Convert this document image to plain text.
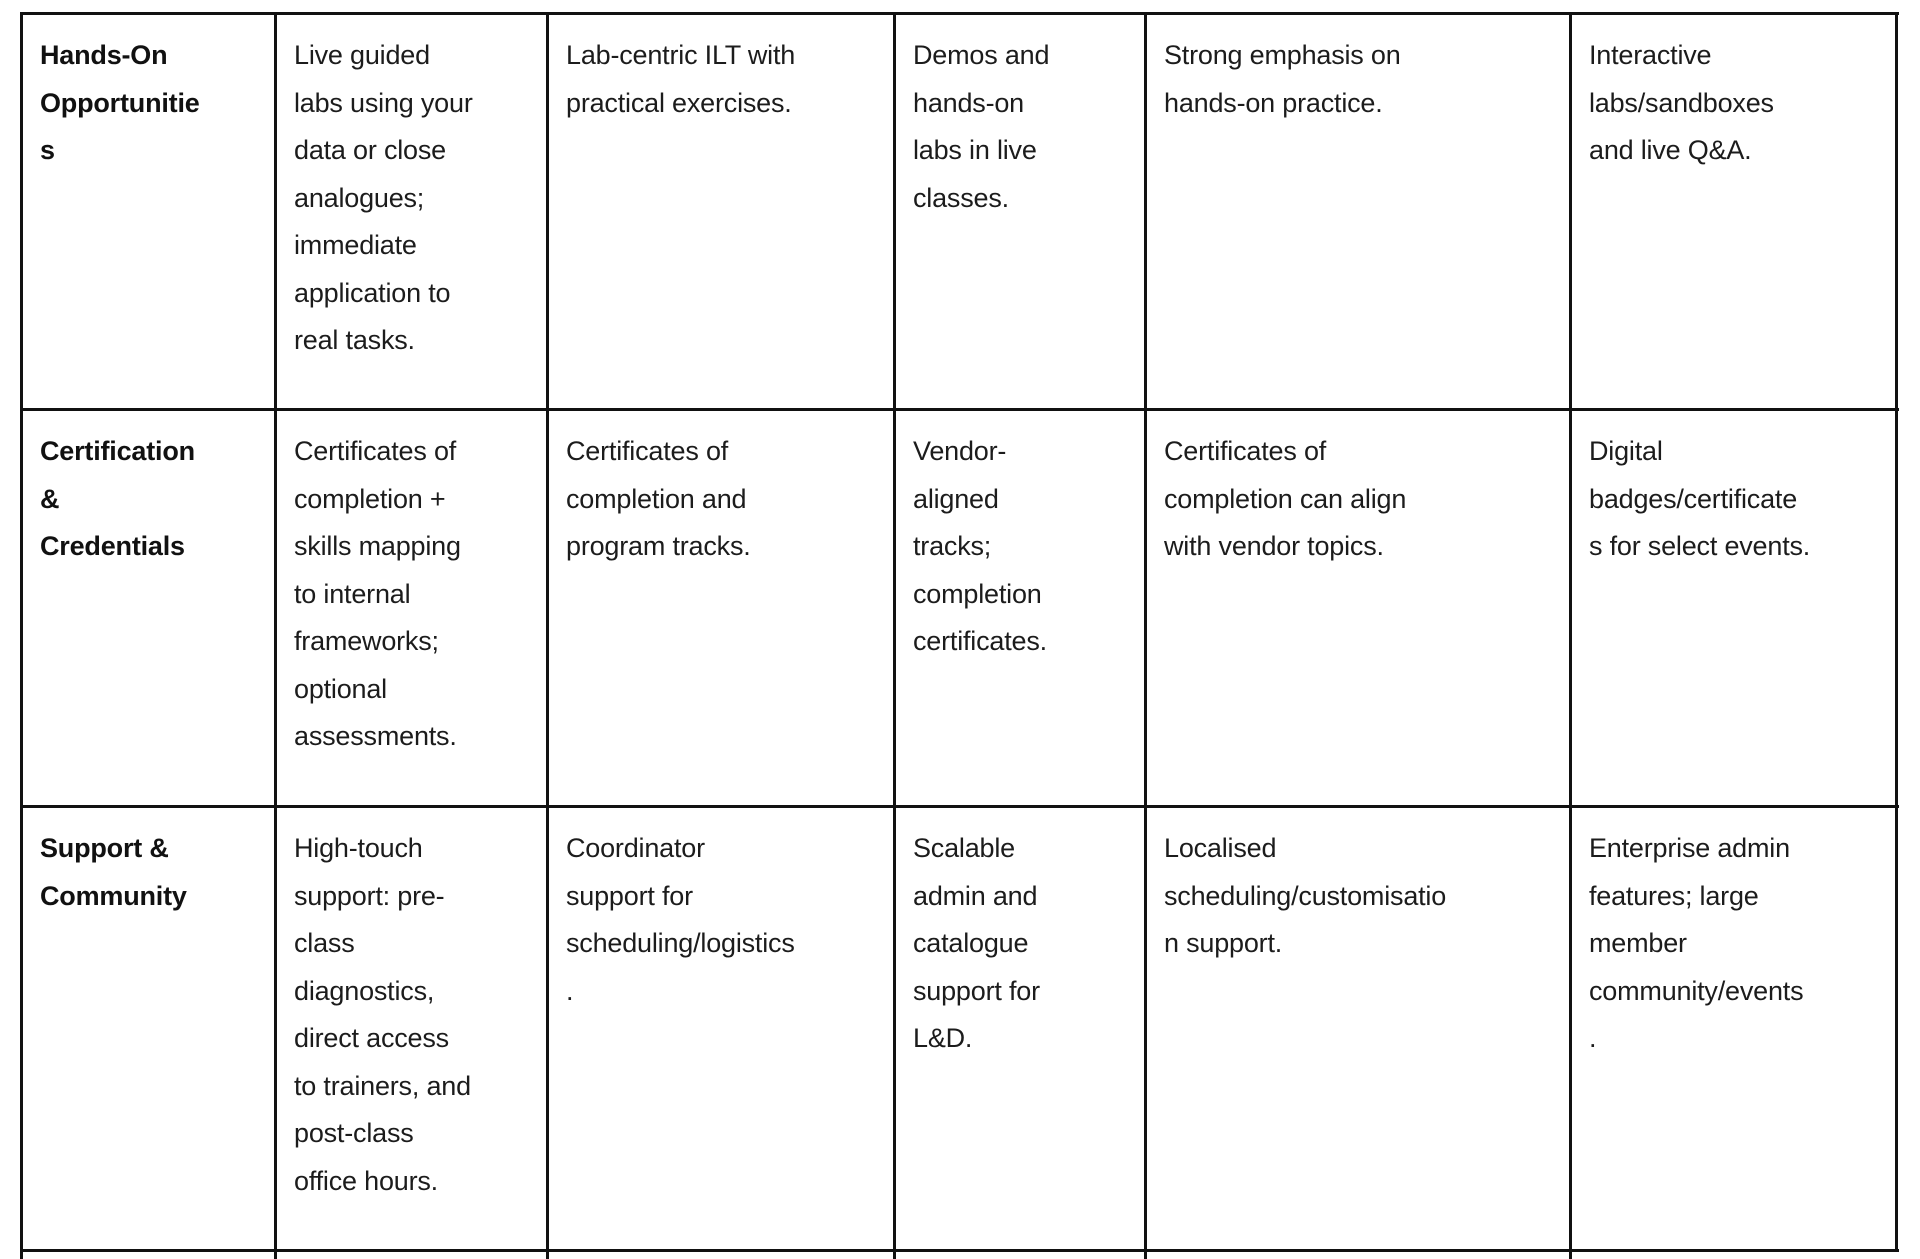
Hands-On
Opportunitie
s
Live guided
labs using your
data or close
analogues;
immediate
application to
real tasks.
Lab-centric ILT with
practical exercises.
Demos and
hands-on
labs in live
classes.
Strong emphasis on
hands-on practice.
Interactive
labs/sandboxes
and live Q&A.
Certification
&
Credentials
Certificates of
completion +
skills mapping
to internal
frameworks;
optional
assessments.
Certificates of
completion and
program tracks.
Vendor-
aligned
tracks;
completion
certificates.
Certificates of
completion can align
with vendor topics.
Digital
badges/certificate
s for select events.
Support &
Community
High-touch
support: pre-
class
diagnostics,
direct access
to trainers, and
post-class
office hours.
Coordinator
support for
scheduling/logistics
.
Scalable
admin and
catalogue
support for
L&D.
Localised
scheduling/customisatio
n support.
Enterprise admin
features; large
member
community/events
.
